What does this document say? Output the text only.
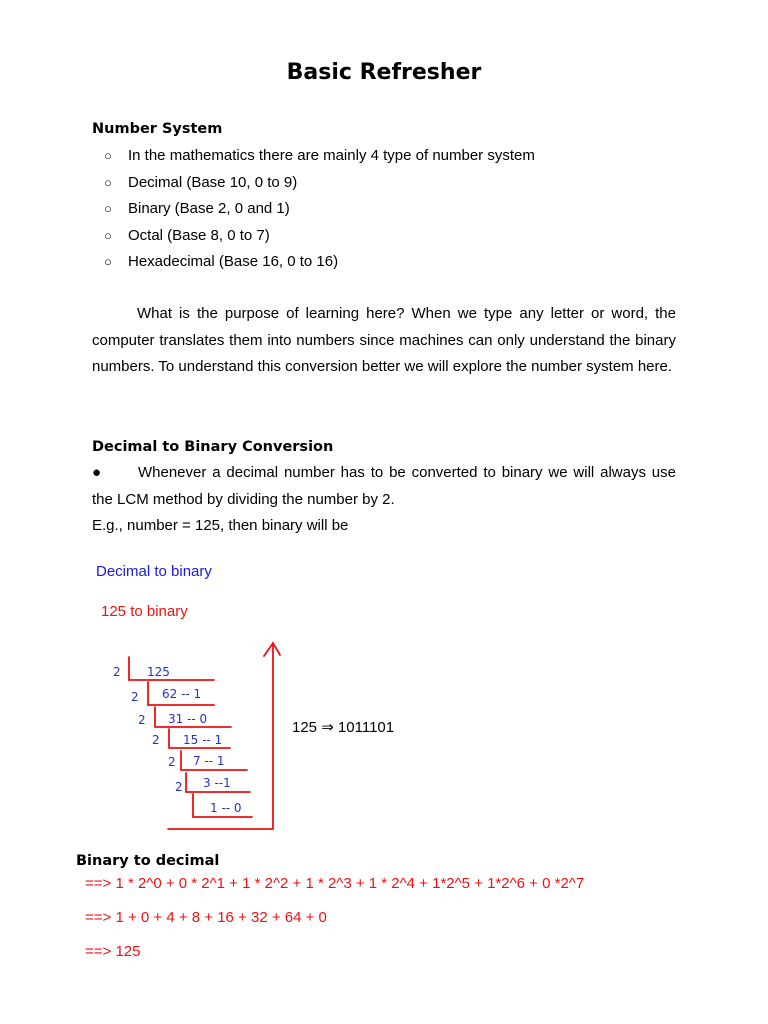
Basic Refresher
Number System
○ In the mathematics there are mainly 4 type of number system
○ Decimal (Base 10, 0 to 9)
○ Binary (Base 2, 0 and 1)
○ Octal (Base 8, 0 to 7)
○ Hexadecimal (Base 16, 0 to 16)
What is the purpose of learning here? When we type any letter or word, the computer translates them into numbers since machines can only understand the binary numbers. To understand this conversion better we will explore the number system here.
Decimal to Binary Conversion
● Whenever a decimal number has to be converted to binary we will always use the LCM method by dividing the number by 2.
E.g., number = 125, then binary will be
Decimal to binary
125 to binary
2 125
2 62 -- 1
2 31 -- 0
2 15 -- 1
2 7 -- 1
2 3 --1
1 -- 0
125 ⇒ 1011101
Binary to decimal
==> 1 * 2^0 + 0 * 2^1 + 1 * 2^2 + 1 * 2^3 + 1 * 2^4 + 1*2^5 + 1*2^6 + 0 *2^7
==> 1 + 0 + 4 + 8 + 16 + 32 + 64 + 0
==> 125
